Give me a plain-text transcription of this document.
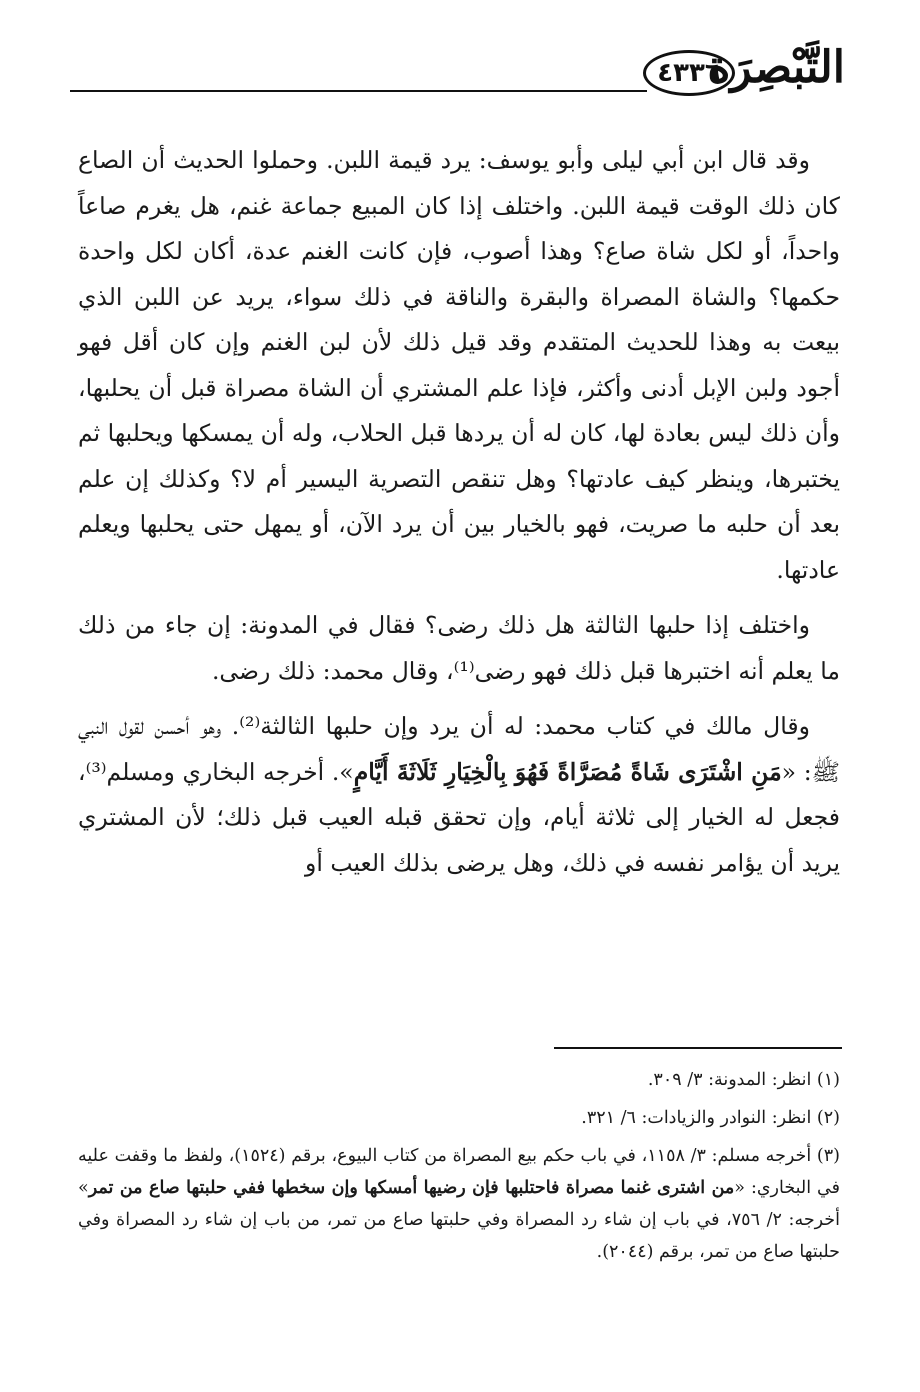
التَّبْصِرَة
٤٣٣٦

وقد قال ابن أبي ليلى وأبو يوسف: يرد قيمة اللبن. وحملوا الحديث أن الصاع كان ذلك الوقت قيمة اللبن. واختلف إذا كان المبيع جماعة غنم، هل يغرم صاعاً واحداً، أو لكل شاة صاع؟ وهذا أصوب، فإن كانت الغنم عدة، أكان لكل واحدة حكمها؟ والشاة المصراة والبقرة والناقة في ذلك سواء، يريد عن اللبن الذي بيعت به وهذا للحديث المتقدم وقد قيل ذلك لأن لبن الغنم وإن كان أقل فهو أجود ولبن الإبل أدنى وأكثر، فإذا علم المشتري أن الشاة مصراة قبل أن يحلبها، وأن ذلك ليس بعادة لها، كان له أن يردها قبل الحلاب، وله أن يمسكها ويحلبها ثم يختبرها، وينظر كيف عادتها؟ وهل تنقص التصرية اليسير أم لا؟ وكذلك إن علم بعد أن حلبه ما صريت، فهو بالخيار بين أن يرد الآن، أو يمهل حتى يحلبها ويعلم عادتها.

واختلف إذا حلبها الثالثة هل ذلك رضى؟ فقال في المدونة: إن جاء من ذلك ما يعلم أنه اختبرها قبل ذلك فهو رضى⁽¹⁾، وقال محمد: ذلك رضى.

وقال مالك في كتاب محمد: له أن يرد وإن حلبها الثالثة⁽²⁾. وهو أحسن لقول النبي ﷺ: «مَنِ اشْتَرَى شَاةً مُصَرَّاةً فَهُوَ بِالْخِيَارِ ثَلَاثَةَ أَيَّامٍ». أخرجه البخاري ومسلم⁽³⁾، فجعل له الخيار إلى ثلاثة أيام، وإن تحقق قبله العيب قبل ذلك؛ لأن المشتري يريد أن يؤامر نفسه في ذلك، وهل يرضى بذلك العيب أو

(١) انظر: المدونة: ٣/ ٣٠٩.

(٢) انظر: النوادر والزيادات: ٦/ ٣٢١.

(٣) أخرجه مسلم: ٣/ ١١٥٨، في باب حكم بيع المصراة من كتاب البيوع، برقم (١٥٢٤)، ولفظ ما وقفت عليه في البخاري: «من اشترى غنما مصراة فاحتلبها فإن رضيها أمسكها وإن سخطها ففي حلبتها صاع من تمر» أخرجه: ٢/ ٧٥٦، في باب إن شاء رد المصراة وفي حلبتها صاع من تمر، من باب إن شاء رد المصراة وفي حلبتها صاع من تمر، برقم (٢٠٤٤).
